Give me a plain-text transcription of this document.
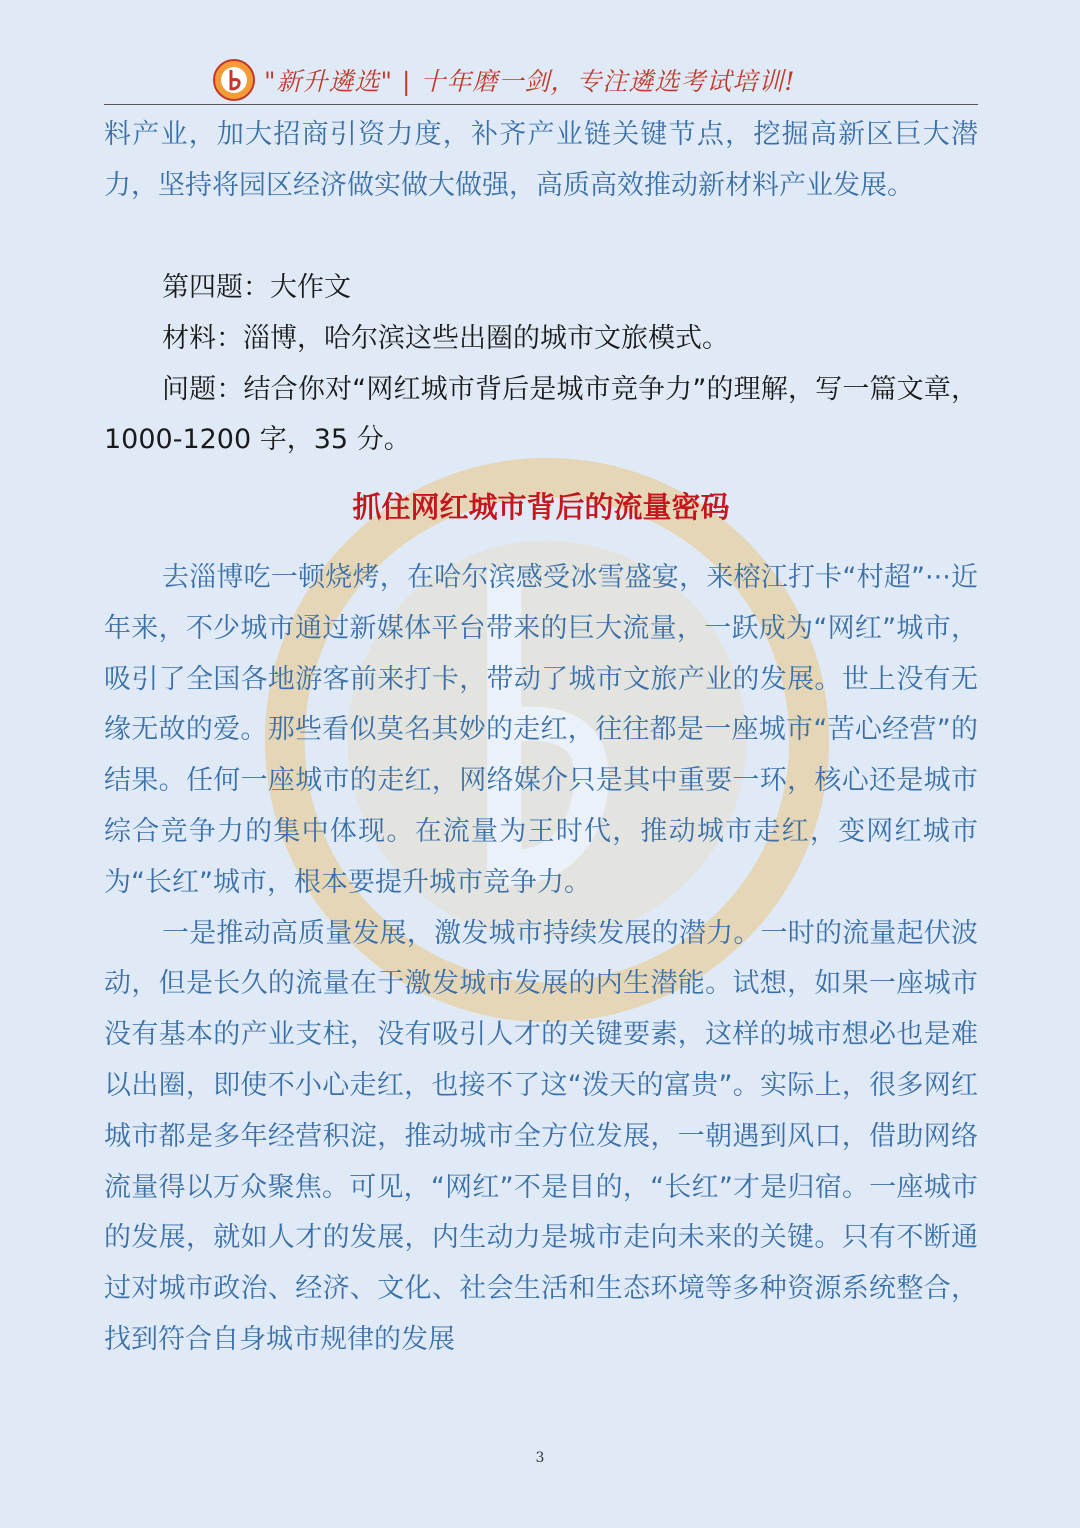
"新升遴选" | 十年磨一剑，专注遴选考试培训!

料产业，加大招商引资力度，补齐产业链关键节点，挖掘高新区巨大潜力，坚持将园区经济做实做大做强，高质高效推动新材料产业发展。

第四题：大作文

材料：淄博，哈尔滨这些出圈的城市文旅模式。

问题：结合你对“网红城市背后是城市竞争力”的理解，写一篇文章，1000-1200 字，35 分。

抓住网红城市背后的流量密码

去淄博吃一顿烧烤，在哈尔滨感受冰雪盛宴，来榕江打卡“村超”···近年来，不少城市通过新媒体平台带来的巨大流量，一跃成为“网红”城市，吸引了全国各地游客前来打卡，带动了城市文旅产业的发展。世上没有无缘无故的爱。那些看似莫名其妙的走红，往往都是一座城市“苦心经营”的结果。任何一座城市的走红，网络媒介只是其中重要一环，核心还是城市综合竞争力的集中体现。在流量为王时代，推动城市走红，变网红城市为“长红”城市，根本要提升城市竞争力。

一是推动高质量发展，激发城市持续发展的潜力。一时的流量起伏波动，但是长久的流量在于激发城市发展的内生潜能。试想，如果一座城市没有基本的产业支柱，没有吸引人才的关键要素，这样的城市想必也是难以出圈，即使不小心走红，也接不了这“泼天的富贵”。实际上，很多网红城市都是多年经营积淀，推动城市全方位发展，一朝遇到风口，借助网络流量得以万众聚焦。可见，“网红”不是目的，“长红”才是归宿。一座城市的发展，就如人才的发展，内生动力是城市走向未来的关键。只有不断通过对城市政治、经济、文化、社会生活和生态环境等多种资源系统整合，找到符合自身城市规律的发展

3
